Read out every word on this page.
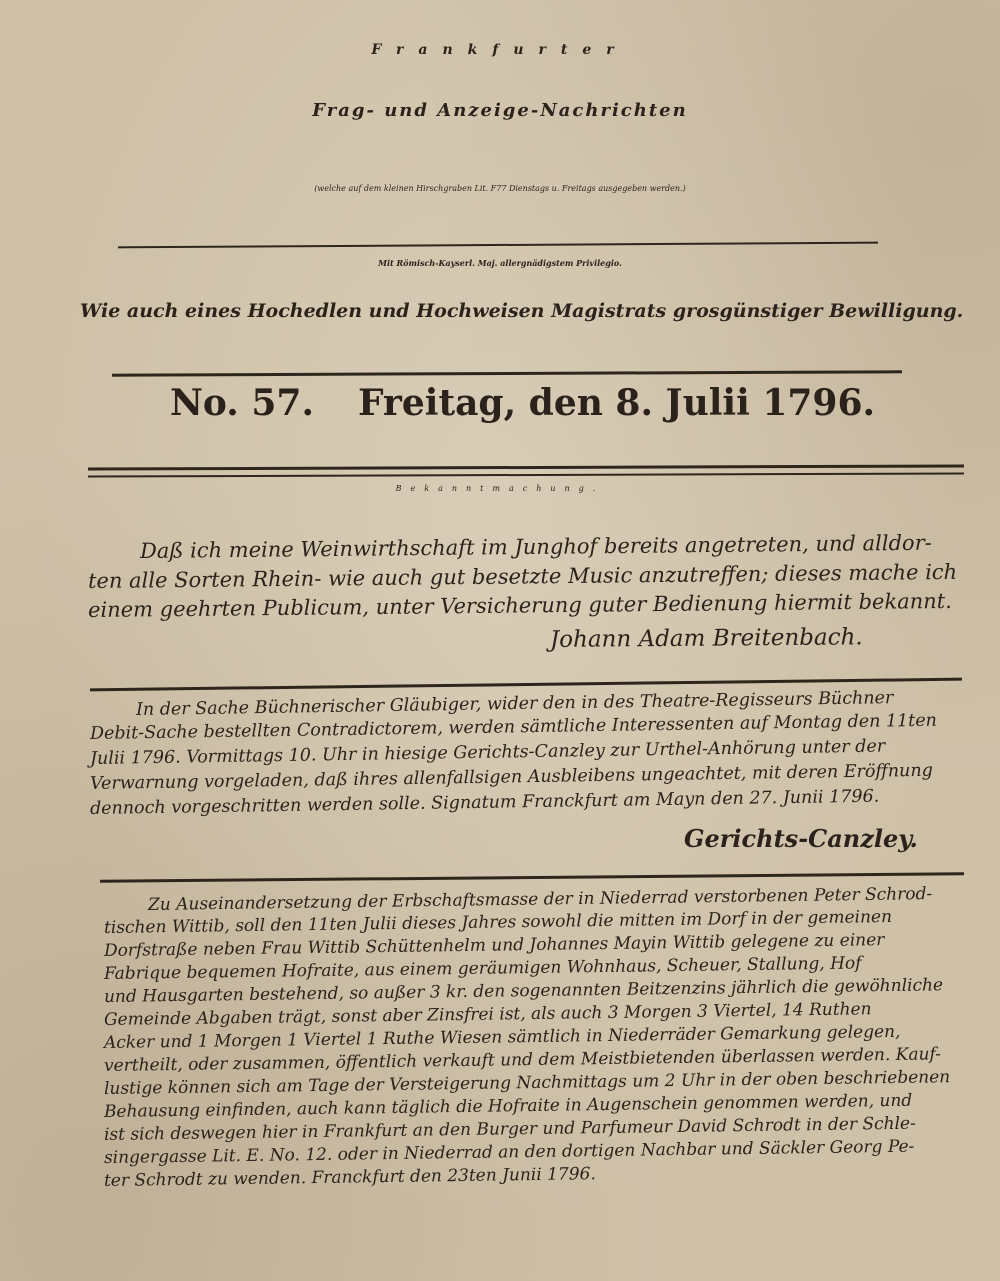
Frankfurter
Frag- und Anzeige-Nachrichten
(welche auf dem kleinen Hirschgraben Lit. F77 Dienstags u. Freitags ausgegeben werden.)
Mit Römisch-Kayserl. Maj. allergnädigstem Privilegio.
Wie auch eines Hochedlen und Hochweisen Magistrats grosgünstiger Bewilligung.
No. 57. Freitag, den 8. Julii 1796.
Bekanntmachung.
Daß ich meine Weinwirthschaft im Junghof bereits angetreten, und alldor-
ten alle Sorten Rhein- wie auch gut besetzte Music anzutreffen; dieses mache ich
einem geehrten Publicum, unter Versicherung guter Bedienung hiermit bekannt.
Johann Adam Breitenbach.
In der Sache Büchnerischer Gläubiger, wider den in des Theatre-Regisseurs Büchner
Debit-Sache bestellten Contradictorem, werden sämtliche Interessenten auf Montag den 11ten
Julii 1796. Vormittags 10. Uhr in hiesige Gerichts-Canzley zur Urthel-Anhörung unter der
Verwarnung vorgeladen, daß ihres allenfallsigen Ausbleibens ungeachtet, mit deren Eröffnung
dennoch vorgeschritten werden solle. Signatum Franckfurt am Mayn den 27. Junii 1796.
Gerichts-Canzley.
Zu Auseinandersetzung der Erbschaftsmasse der in Niederrad verstorbenen Peter Schrod-
tischen Wittib, soll den 11ten Julii dieses Jahres sowohl die mitten im Dorf in der gemeinen
Dorfstraße neben Frau Wittib Schüttenhelm und Johannes Mayin Wittib gelegene zu einer
Fabrique bequemen Hofraite, aus einem geräumigen Wohnhaus, Scheuer, Stallung, Hof
und Hausgarten bestehend, so außer 3 kr. den sogenannten Beitzenzins jährlich die gewöhnliche
Gemeinde Abgaben trägt, sonst aber Zinsfrei ist, als auch 3 Morgen 3 Viertel, 14 Ruthen
Acker und 1 Morgen 1 Viertel 1 Ruthe Wiesen sämtlich in Niederräder Gemarkung gelegen,
vertheilt, oder zusammen, öffentlich verkauft und dem Meistbietenden überlassen werden. Kauf-
lustige können sich am Tage der Versteigerung Nachmittags um 2 Uhr in der oben beschriebenen
Behausung einfinden, auch kann täglich die Hofraite in Augenschein genommen werden, und
ist sich deswegen hier in Frankfurt an den Burger und Parfumeur David Schrodt in der Schle-
singergasse Lit. E. No. 12. oder in Niederrad an den dortigen Nachbar und Säckler Georg Pe-
ter Schrodt zu wenden. Franckfurt den 23ten Junii 1796.
